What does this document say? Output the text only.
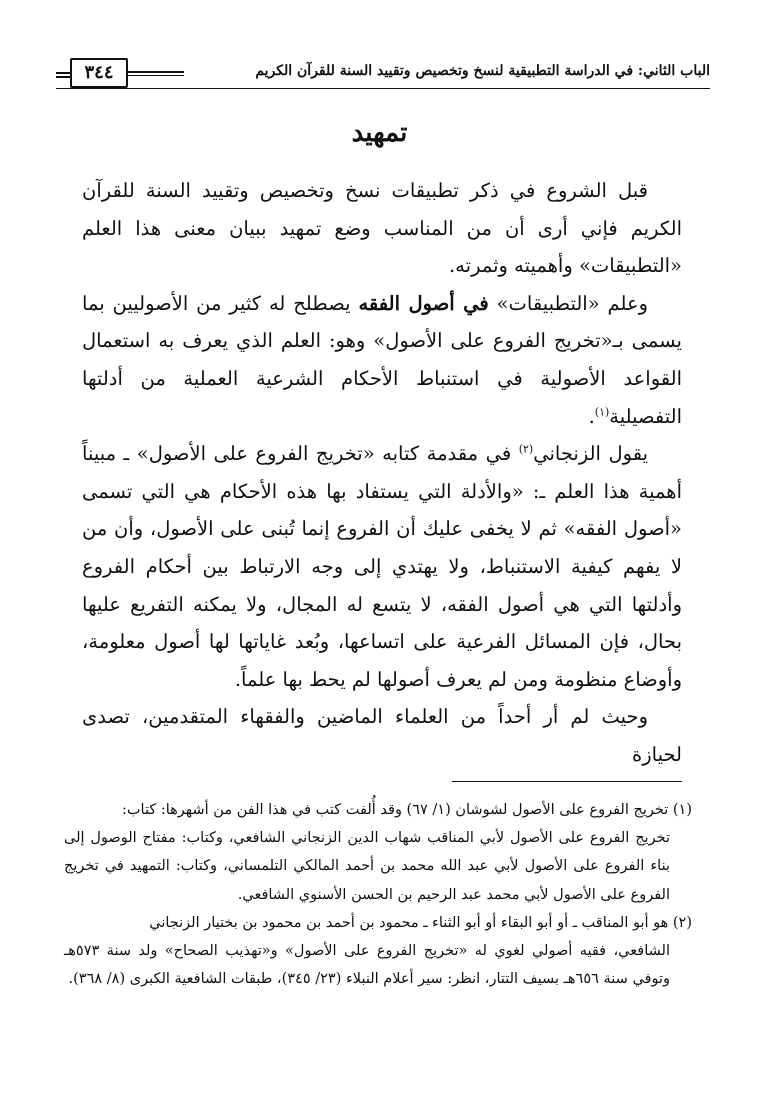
٣٤٤	الباب الثاني: في الدراسة التطبيقية لنسخ وتخصيص وتقييد السنة للقرآن الكريم
تمهيد

قبل الشروع في ذكر تطبيقات نسخ وتخصيص وتقييد السنة للقرآن الكريم فإني أرى أن من المناسب وضع تمهيد ببيان معنى هذا العلم «التطبيقات» وأهميته وثمرته.

وعلم «التطبيقات» في أصول الفقه يصطلح له كثير من الأصوليين بما يسمى بـ«تخريج الفروع على الأصول» وهو: العلم الذي يعرف به استعمال القواعد الأصولية في استنباط الأحكام الشرعية العملية من أدلتها التفصيلية$^{(١)}$.

يقول الزنجاني$^{(٢)}$ في مقدمة كتابه «تخريج الفروع على الأصول» ـ مبيناً أهمية هذا العلم ـ: «والأدلة التي يستفاد بها هذه الأحكام هي التي تسمى «أصول الفقه» ثم لا يخفى عليك أن الفروع إنما تُبنى على الأصول، وأن من لا يفهم كيفية الاستنباط، ولا يهتدي إلى وجه الارتباط بين أحكام الفروع وأدلتها التي هي أصول الفقه، لا يتسع له المجال، ولا يمكنه التفريع عليها بحال، فإن المسائل الفرعية على اتساعها، وبُعد غاياتها لها أصول معلومة، وأوضاع منظومة ومن لم يعرف أصولها لم يحط بها علماً.

وحيث لم أر أحداً من العلماء الماضين والفقهاء المتقدمين، تصدى لحيازة

(١) تخريج الفروع على الأصول لشوشان (١/ ٦٧) وقد أُلفت كتب في هذا الفن من أشهرها: كتاب:

تخريج الفروع على الأصول لأبي المناقب شهاب الدين الزنجاني الشافعي، وكتاب: مفتاح الوصول إلى بناء الفروع على الأصول لأبي عبد الله محمد بن أحمد المالكي التلمساني، وكتاب: التمهيد في تخريج الفروع على الأصول لأبي محمد عبد الرحيم بن الحسن الأسنوي الشافعي.

(٢) هو أبو المناقب ـ أو أبو البقاء أو أبو الثناء ـ محمود بن أحمد بن محمود بن بختيار الزنجاني

الشافعي، فقيه أصولي لغوي له «تخريج الفروع على الأصول» و«تهذيب الصحاح» ولد سنة ٥٧٣هـ وتوفي سنة ٦٥٦هـ بسيف التتار، انظر: سير أعلام النبلاء (٢٣/ ٣٤٥)، طبقات الشافعية الكبرى (٨/ ٣٦٨).
